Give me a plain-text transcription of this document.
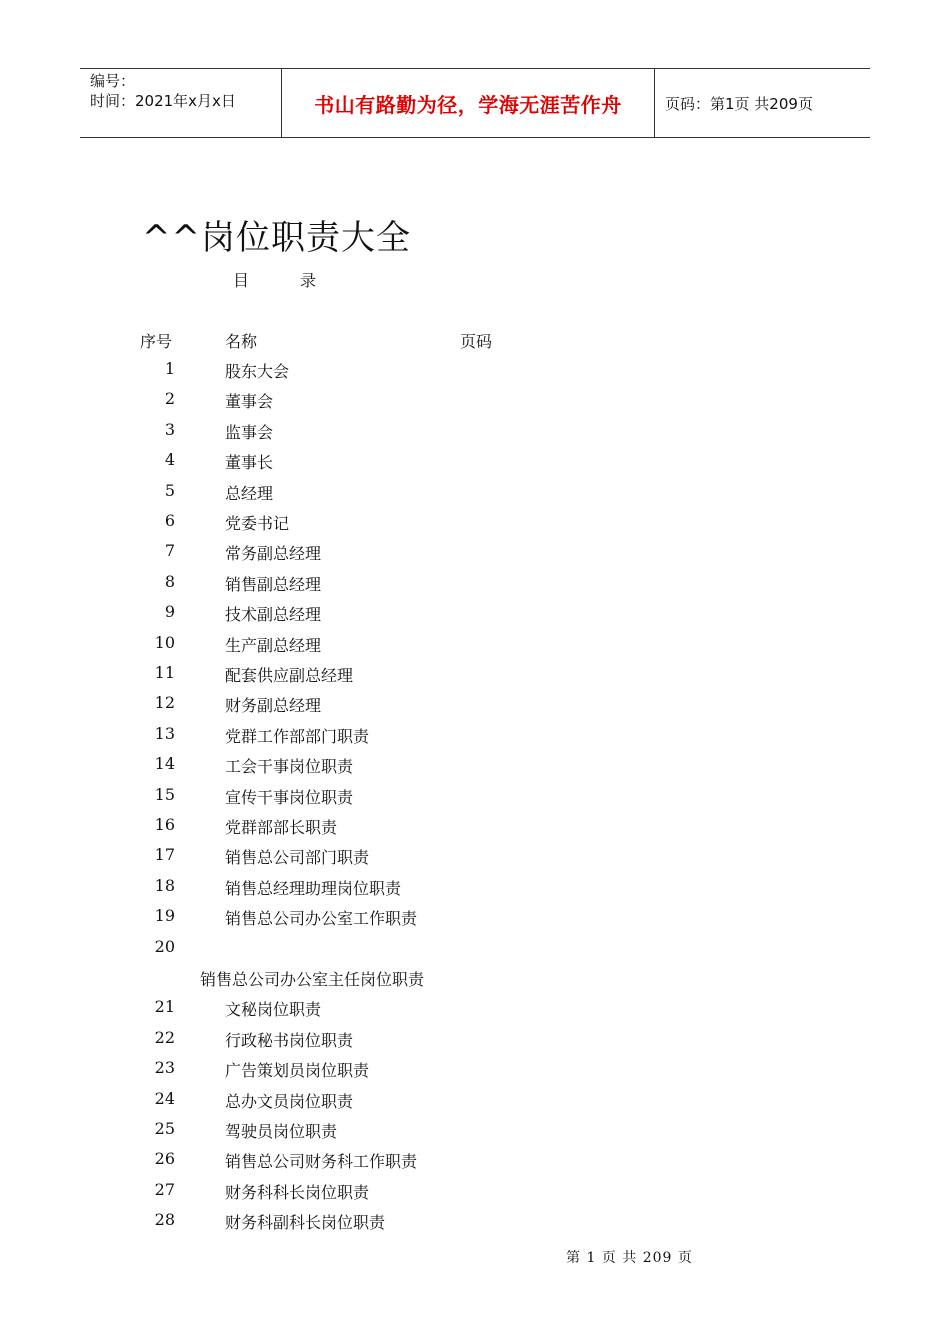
编号：
时间：2021年x月x日	书山有路勤为径，学海无涯苦作舟	页码：第1页 共209页
^^岗位职责大全
目	录
序号	名称	页码
1	股东大会
2	董事会
3	监事会
4	董事长
5	总经理
6	党委书记
7	常务副总经理
8	销售副总经理
9	技术副总经理
10	生产副总经理
11	配套供应副总经理
12	财务副总经理
13	党群工作部部门职责
14	工会干事岗位职责
15	宣传干事岗位职责
16	党群部部长职责
17	销售总公司部门职责
18	销售总经理助理岗位职责
19	销售总公司办公室工作职责
20
销售总公司办公室主任岗位职责
21	文秘岗位职责
22	行政秘书岗位职责
23	广告策划员岗位职责
24	总办文员岗位职责
25	驾驶员岗位职责
26	销售总公司财务科工作职责
27	财务科科长岗位职责
28	财务科副科长岗位职责
第 1 页 共 209 页
